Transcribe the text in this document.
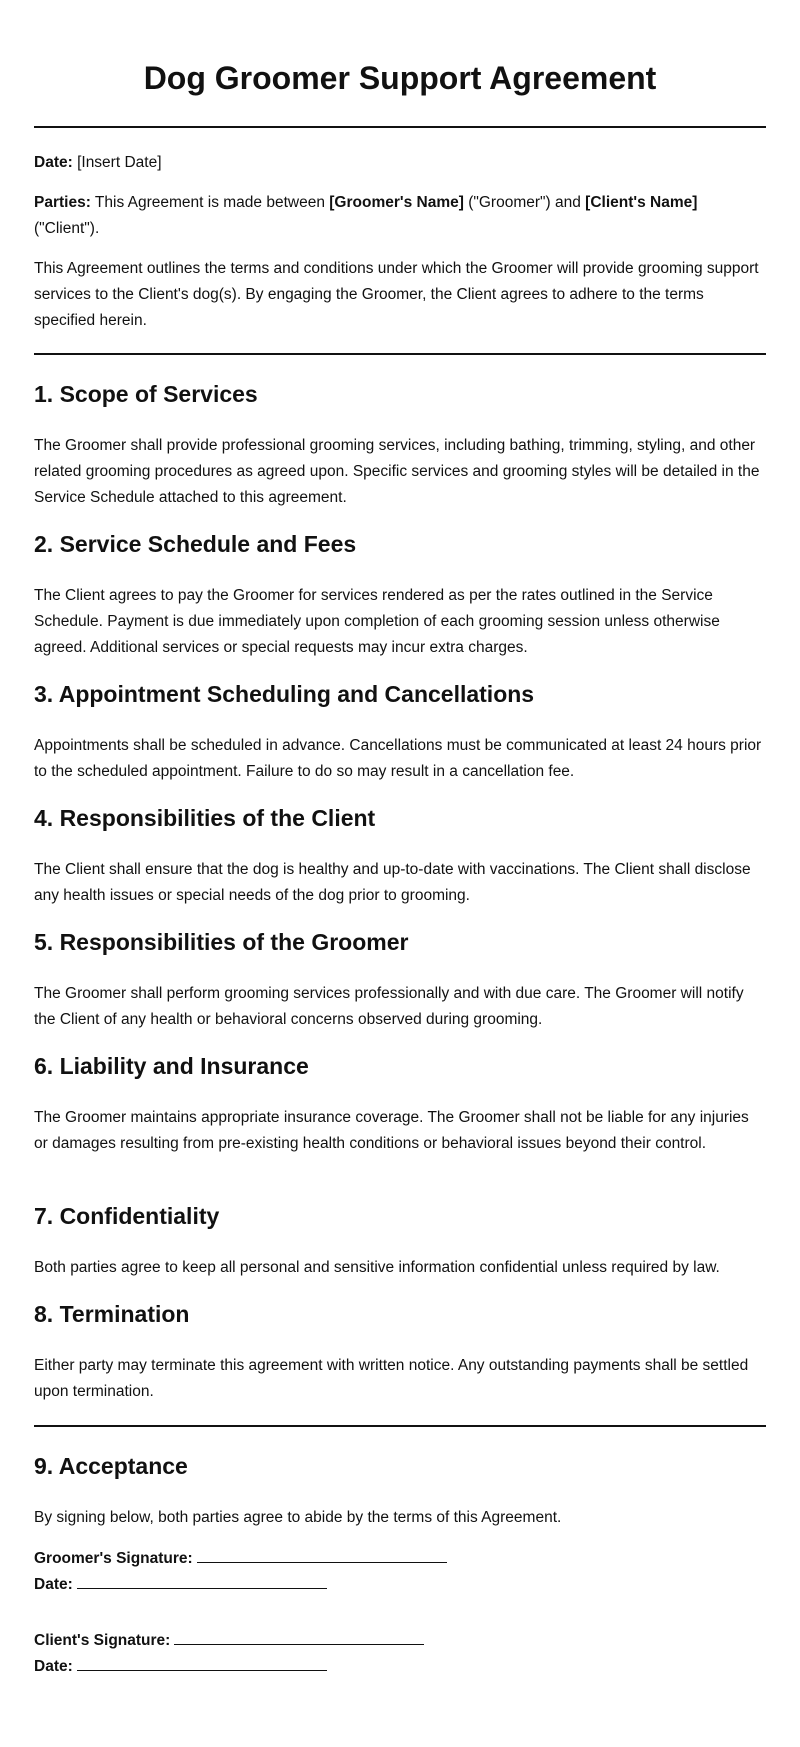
Dog Groomer Support Agreement

Date: [Insert Date]

Parties: This Agreement is made between [Groomer's Name] ("Groomer") and [Client's Name] ("Client").

This Agreement outlines the terms and conditions under which the Groomer will provide grooming support services to the Client's dog(s). By engaging the Groomer, the Client agrees to adhere to the terms specified herein.

1. Scope of Services

The Groomer shall provide professional grooming services, including bathing, trimming, styling, and other related grooming procedures as agreed upon. Specific services and grooming styles will be detailed in the Service Schedule attached to this agreement.

2. Service Schedule and Fees

The Client agrees to pay the Groomer for services rendered as per the rates outlined in the Service Schedule. Payment is due immediately upon completion of each grooming session unless otherwise agreed. Additional services or special requests may incur extra charges.

3. Appointment Scheduling and Cancellations

Appointments shall be scheduled in advance. Cancellations must be communicated at least 24 hours prior to the scheduled appointment. Failure to do so may result in a cancellation fee.

4. Responsibilities of the Client

The Client shall ensure that the dog is healthy and up-to-date with vaccinations. The Client shall disclose any health issues or special needs of the dog prior to grooming.

5. Responsibilities of the Groomer

The Groomer shall perform grooming services professionally and with due care. The Groomer will notify the Client of any health or behavioral concerns observed during grooming.

6. Liability and Insurance

The Groomer maintains appropriate insurance coverage. The Groomer shall not be liable for any injuries or damages resulting from pre-existing health conditions or behavioral issues beyond their control.

7. Confidentiality

Both parties agree to keep all personal and sensitive information confidential unless required by law.

8. Termination

Either party may terminate this agreement with written notice. Any outstanding payments shall be settled upon termination.

9. Acceptance

By signing below, both parties agree to abide by the terms of this Agreement.

Groomer's Signature:
Date:
Client's Signature:
Date:
